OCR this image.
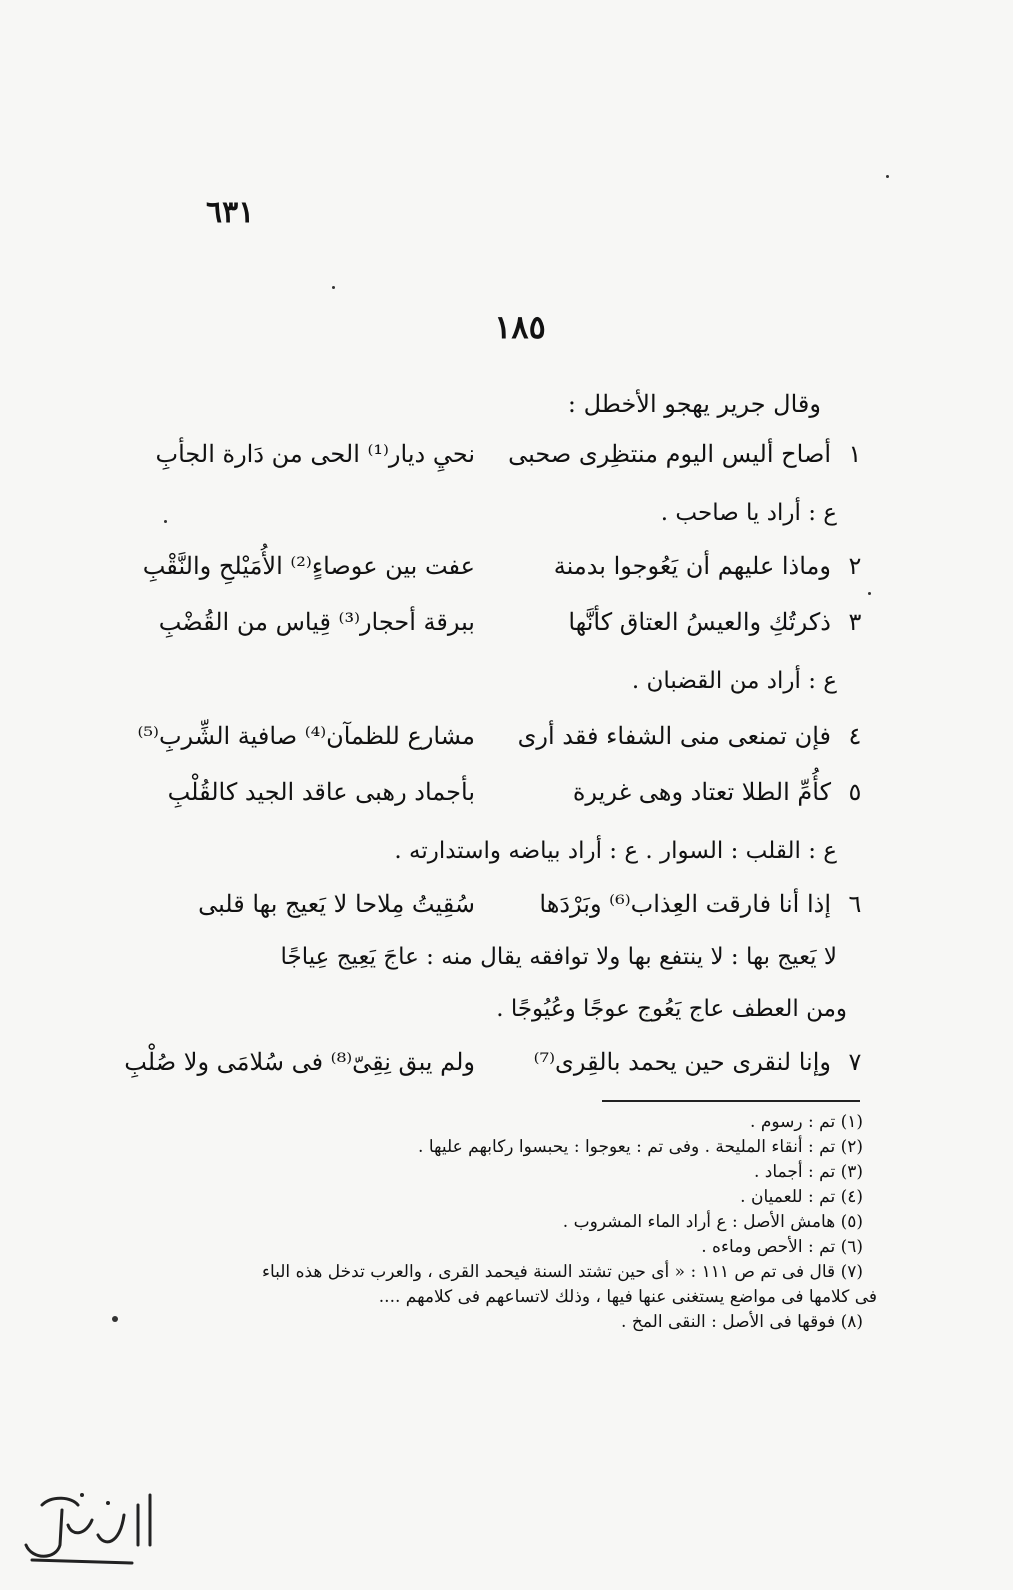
٦٣١
١٨٥
وقال جرير يهجو الأخطل :
١
أصاح أليس اليوم منتظِرى صحبى
نحيِ ديار⁽¹⁾ الحى من دَارة الجأبِ
ع : أراد يا صاحب .
٢
وماذا عليهم أن يَعُوجوا بدمنة
عفت بين عوصاءٍ⁽²⁾ الأُمَيْلحِ والنَّقْبِ
٣
ذكرتُكِ والعيسُ العتاق كأنَّها
ببرقة أحجار⁽³⁾ قِياس من القُضْبِ
ع : أراد من القضبان .
٤
فإن تمنعى منى الشفاء فقد أرى
مشارع للظمآن⁽⁴⁾ صافية الشِّربِ⁽⁵⁾
٥
كأُمِّ الطلا تعتاد وهى غريرة
بأجماد رهبى عاقد الجيد كالقُلْبِ
ع : القلب : السوار . ع : أراد بياضه واستدارته .
٦
إذا أنا فارقت العِذاب⁽⁶⁾ وبَرْدَها
سُقِيتُ مِلاحا لا يَعيج بها قلبى
لا يَعيج بها : لا ينتفع بها ولا توافقه يقال منه : عاجَ يَعِيج عِياجًا
ومن العطف عاج يَعُوج عوجًا وعُيُوجًا .
٧
وإنا لنقرى حين يحمد بالقِرى⁽⁷⁾
ولم يبق نِقِىّ⁽⁸⁾ فى سُلامَى ولا صُلْبِ
(١) تم : رسوم .
(٢) تم : أنقاء المليحة . وفى تم : يعوجوا : يحبسوا ركابهم عليها .
(٣) تم : أجماد .
(٤) تم : للعميان .
(٥) هامش الأصل : ع أراد الماء المشروب .
(٦) تم : الأحص وماءه .
(٧) قال فى تم ص ١١١ : « أى حين تشتد السنة فيحمد القرى ، والعرب تدخل هذه الباء
فى كلامها فى مواضع يستغنى عنها فيها ، وذلك لاتساعهم فى كلامهم ....
(٨) فوقها فى الأصل : النقى المخ .
